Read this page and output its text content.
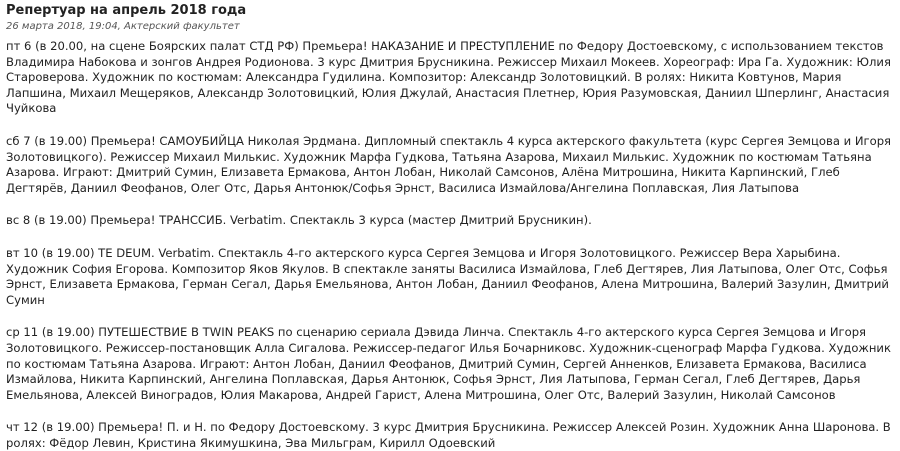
Репертуар на апрель 2018 года
26 марта 2018, 19:04, Актерский факультет

пт 6 (в 20.00, на сцене Боярских палат СТД РФ) Премьера! НАКАЗАНИЕ И ПРЕСТУПЛЕНИЕ по Федору Достоевскому, с использованием текстов Владимира Набокова и зонгов Андрея Родионова. 3 курс Дмитрия Брусникина. Режиссер Михаил Мокеев. Хореограф: Ира Га. Художник: Юлия Староверова. Художник по костюмам: Александра Гудилина. Композитор: Александр Золотовицкий. В ролях: Никита Ковтунов, Мария Лапшина, Михаил Мещеряков, Александр Золотовицкий, Юлия Джулай, Анастасия Плетнер, Юрия Разумовская, Даниил Шперлинг, Анастасия Чуйкова

сб 7 (в 19.00) Премьера! САМОУБИЙЦА Николая Эрдмана. Дипломный спектакль 4 курса актерского факультета (курс Сергея Земцова и Игоря Золотовицкого). Режиссер Михаил Милькис. Художник Марфа Гудкова, Татьяна Азарова, Михаил Милькис. Художник по костюмам Татьяна Азарова. Играют: Дмитрий Сумин, Елизавета Ермакова, Антон Лобан, Николай Самсонов, Алёна Митрошина, Никита Карпинский, Глеб Дегтярёв, Даниил Феофанов, Олег Отс, Дарья Антонюк/Софья Эрнст, Василиса Измайлова/Ангелина Поплавская, Лия Латыпова

вс 8 (в 19.00) Премьера! ТРАНССИБ. Verbatim. Спектакль 3 курса (мастер Дмитрий Брусникин).

вт 10 (в 19.00) TE DEUM. Verbatim. Спектакль 4-го актерского курса Сергея Земцова и Игоря Золотовицкого. Режиссер Вера Харыбина. Художник София Егорова. Композитор Яков Якулов. В спектакле заняты Василиса Измайлова, Глеб Дегтярев, Лия Латыпова, Олег Отс, Софья Эрнст, Елизавета Ермакова, Герман Сегал, Дарья Емельянова, Антон Лобан, Даниил Феофанов, Алена Митрошина, Валерий Зазулин, Дмитрий Сумин

ср 11 (в 19.00) ПУТЕШЕСТВИЕ В TWIN PEAKS по сценарию сериала Дэвида Линча. Спектакль 4-го актерского курса Сергея Земцова и Игоря Золотовицкого. Режиссер-постановщик Алла Сигалова. Режиссер-педагог Илья Бочарниковс. Художник-сценограф Марфа Гудкова. Художник по костюмам Татьяна Азарова. Играют: Антон Лобан, Даниил Феофанов, Дмитрий Сумин, Сергей Анненков, Елизавета Ермакова, Василиса Измайлова, Никита Карпинский, Ангелина Поплавская, Дарья Антонюк, Софья Эрнст, Лия Латыпова, Герман Сегал, Глеб Дегтярев, Дарья Емельянова, Алексей Виноградов, Юлия Макарова, Андрей Гарист, Алена Митрошина, Олег Отс, Валерий Зазулин, Николай Самсонов

чт 12 (в 19.00) Премьера! П. и Н. по Федору Достоевскому. 3 курс Дмитрия Брусникина. Режиссер Алексей Розин. Художник Анна Шаронова. В ролях: Фёдор Левин, Кристина Якимушкина, Эва Мильграм, Кирилл Одоевский
